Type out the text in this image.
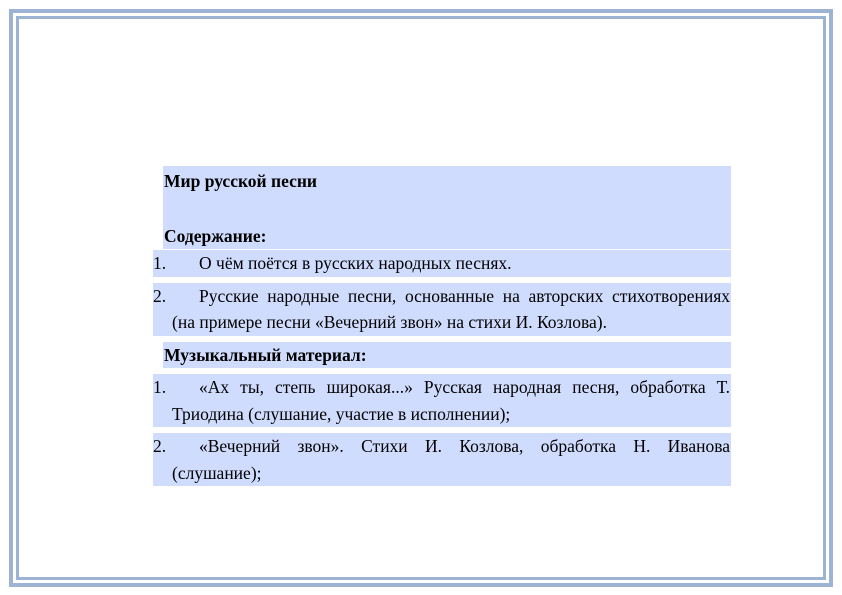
Мир русской песни
Содержание:
1.	О чём поётся в русских народных песнях.
2.	Русские народные песни, основанные на авторских стихотворениях (на примере песни «Вечерний звон» на стихи И. Козлова).
Музыкальный материал:
1.	«Ах ты, степь широкая...» Русская народная песня, обработка Т. Триодина (слушание, участие в исполнении);
2.	«Вечерний звон». Стихи И. Козлова, обработка Н. Иванова (слушание);
